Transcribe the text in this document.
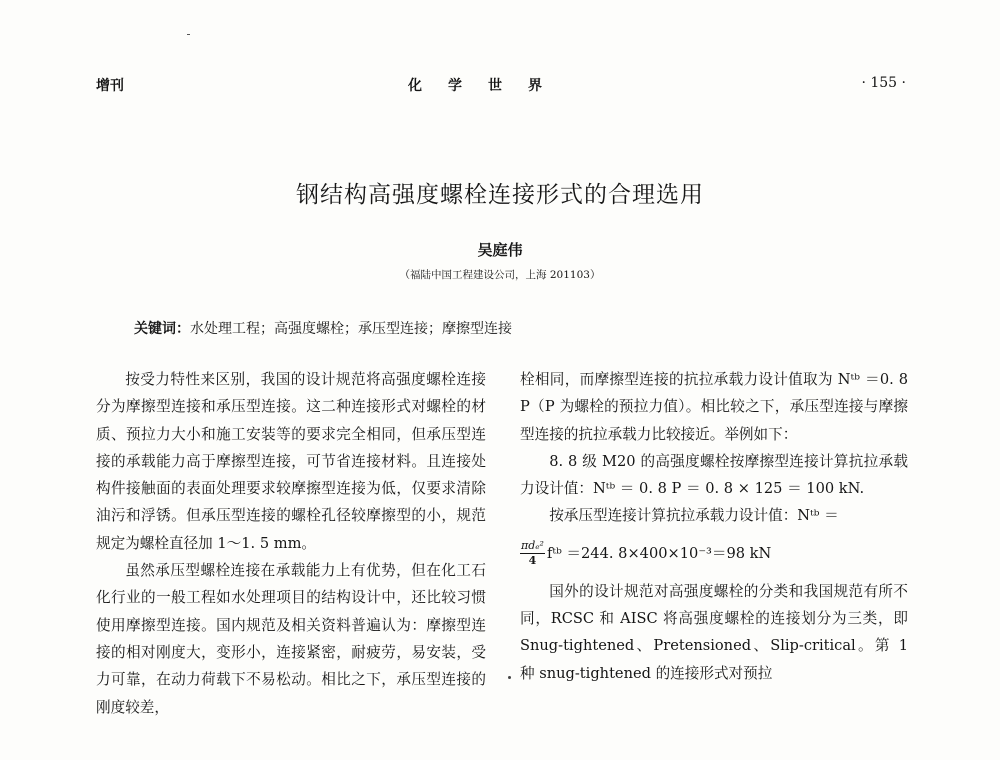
增刊	化学世界	· 155 ·
钢结构高强度螺栓连接形式的合理选用
吴庭伟
（福陆中国工程建设公司，上海 201103）
关键词：水处理工程；高强度螺栓；承压型连接；摩擦型连接

按受力特性来区别，我国的设计规范将高强度螺栓连接分为摩擦型连接和承压型连接。这二种连接形式对螺栓的材质、预拉力大小和施工安装等的要求完全相同，但承压型连接的承载能力高于摩擦型连接，可节省连接材料。且连接处构件接触面的表面处理要求较摩擦型连接为低，仅要求清除油污和浮锈。但承压型连接的螺栓孔径较摩擦型的小，规范规定为螺栓直径加 1～1. 5 mm。

虽然承压型螺栓连接在承载能力上有优势，但在化工石化行业的一般工程如水处理项目的结构设计中，还比较习惯使用摩擦型连接。国内规范及相关资料普遍认为：摩擦型连接的相对刚度大，变形小，连接紧密，耐疲劳，易安装，受力可靠，在动力荷载下不易松动。相比之下，承压型连接的刚度较差，

栓相同，而摩擦型连接的抗拉承载力设计值取为 Nᵗᵇ ＝0. 8 P（P 为螺栓的预拉力值）。相比较之下，承压型连接与摩擦型连接的抗拉承载力比较接近。举例如下：

8. 8 级 M20 的高强度螺栓按摩擦型连接计算抗拉承载力设计值：Nᵗᵇ ＝ 0. 8 P ＝ 0. 8 × 125 ＝ 100 kN.

按承压型连接计算抗拉承载力设计值：Nᵗᵇ ＝

$\frac{\text{πdₑ²}}{4}$ fᵗᵇ ＝244. 8×400×10⁻³＝98 kN

国外的设计规范对高强度螺栓的分类和我国规范有所不同，RCSC 和 AISC 将高强度螺栓的连接划分为三类，即 Snug-tightened、Pretensioned、Slip-critical。第 1 种 snug-tightened 的连接形式对预拉
